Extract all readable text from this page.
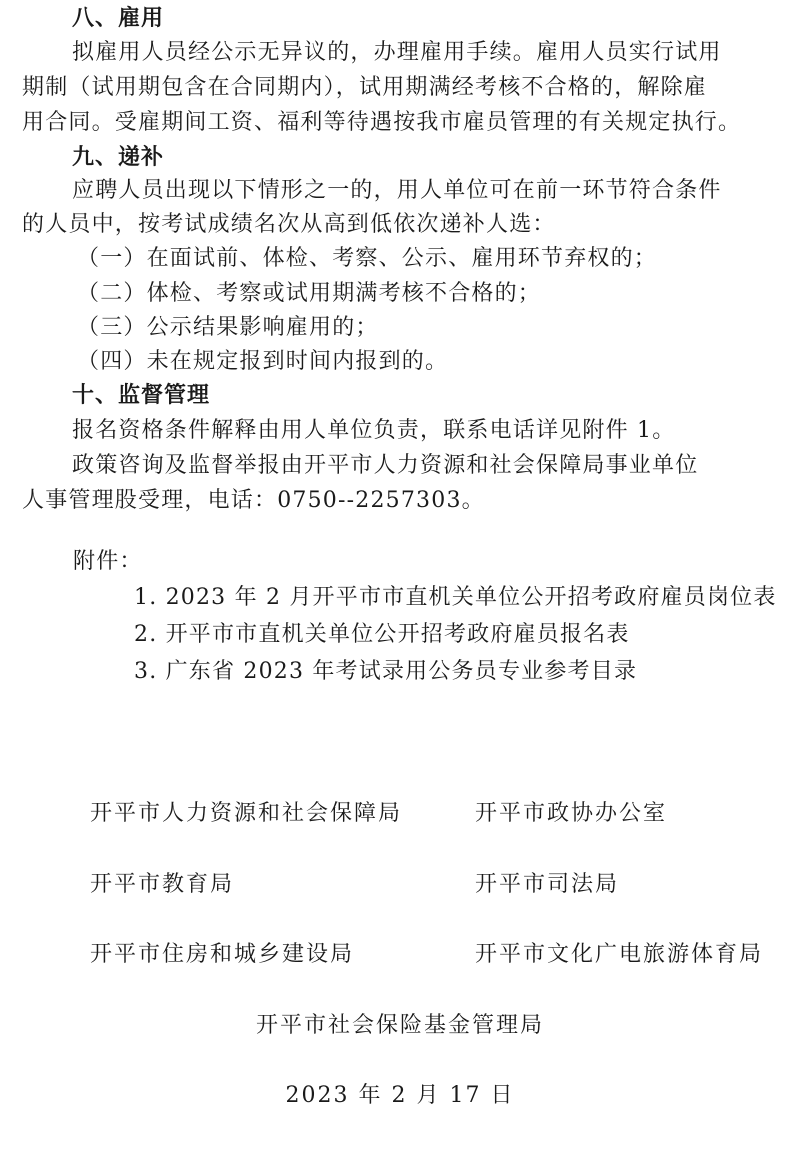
八、雇用
拟雇用人员经公示无异议的，办理雇用手续。雇用人员实行试用
期制（试用期包含在合同期内），试用期满经考核不合格的，解除雇
用合同。受雇期间工资、福利等待遇按我市雇员管理的有关规定执行。
九、递补
应聘人员出现以下情形之一的，用人单位可在前一环节符合条件
的人员中，按考试成绩名次从高到低依次递补人选：
（一）在面试前、体检、考察、公示、雇用环节弃权的；
（二）体检、考察或试用期满考核不合格的；
（三）公示结果影响雇用的；
（四）未在规定报到时间内报到的。
十、监督管理
报名资格条件解释由用人单位负责，联系电话详见附件 1。
政策咨询及监督举报由开平市人力资源和社会保障局事业单位
人事管理股受理，电话：0750--2257303。
附件：
1. 2023 年 2 月开平市市直机关单位公开招考政府雇员岗位表
2. 开平市市直机关单位公开招考政府雇员报名表
3. 广东省 2023 年考试录用公务员专业参考目录
开平市人力资源和社会保障局	开平市政协办公室
开平市教育局	开平市司法局
开平市住房和城乡建设局	开平市文化广电旅游体育局
开平市社会保险基金管理局
2023 年 2 月 17 日
